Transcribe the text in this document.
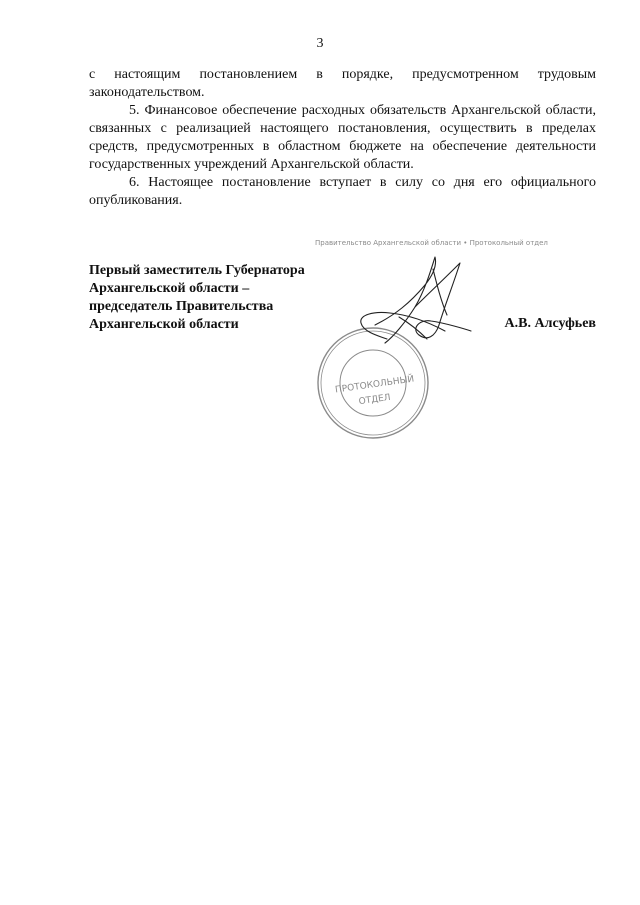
3

с настоящим постановлением в порядке, предусмотренном трудовым законодательством.

5. Финансовое обеспечение расходных обязательств Архангельской области, связанных с реализацией настоящего постановления, осуществить в пределах средств, предусмотренных в областном бюджете на обеспечение деятельности государственных учреждений Архангельской области.

6. Настоящее постановление вступает в силу со дня его официального опубликования.

Первый заместитель Губернатора
Архангельской области –
председатель Правительства
Архангельской области
Правительство Архангельской области • Протокольный отдел
ПРОТОКОЛЬНЫЙ
ОТДЕЛ
А.В. Алсуфьев
